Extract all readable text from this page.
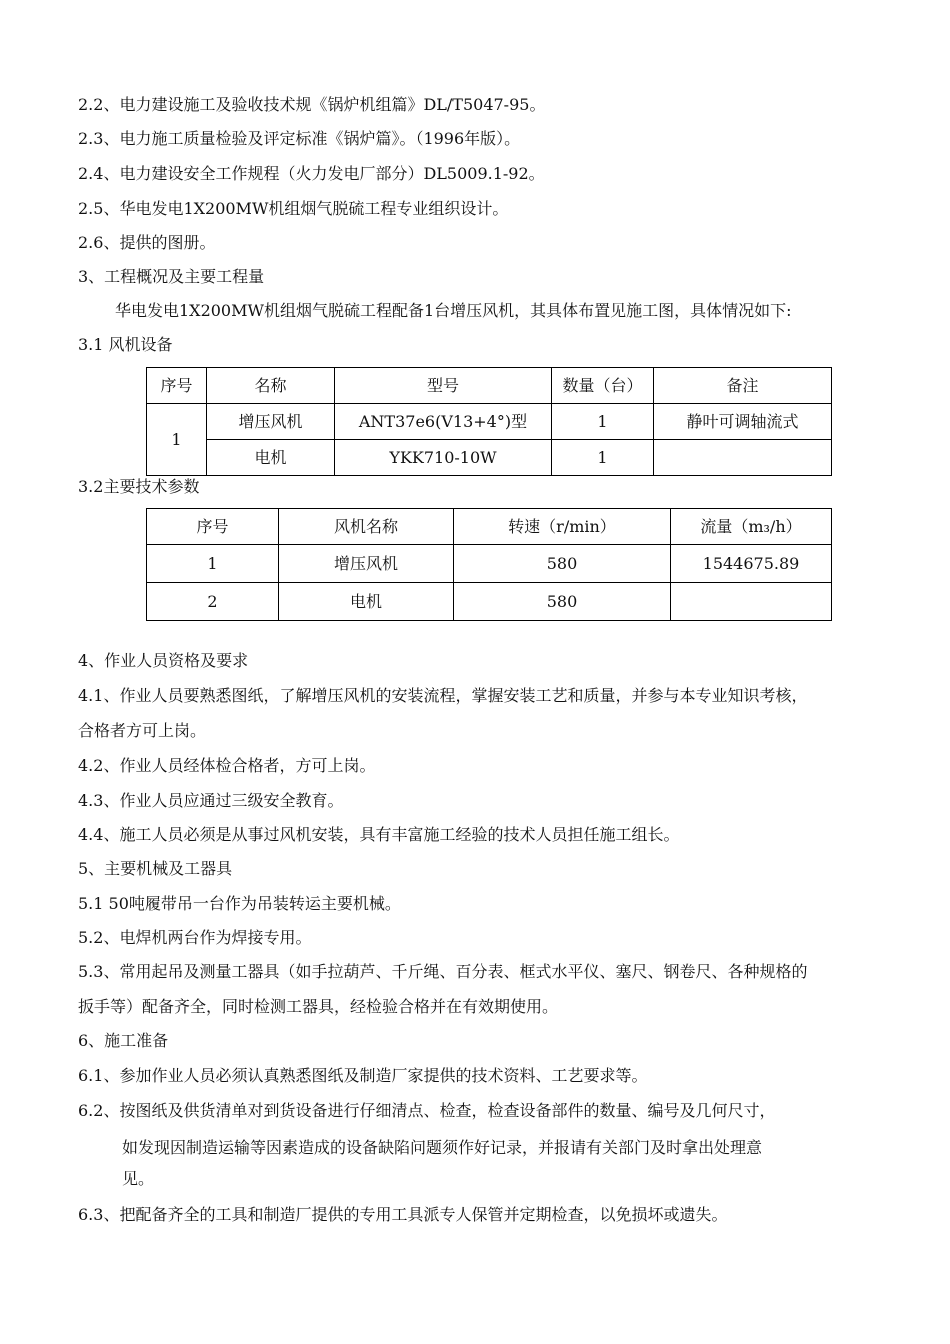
2.2、电力建设施工及验收技术规《锅炉机组篇》DL/T5047-95。
2.3、电力施工质量检验及评定标准《锅炉篇》。（1996年版）。
2.4、电力建设安全工作规程（火力发电厂部分）DL5009.1-92。
2.5、华电发电1X200MW机组烟气脱硫工程专业组织设计。
2.6、提供的图册。
3、工程概况及主要工程量
华电发电1X200MW机组烟气脱硫工程配备1台增压风机，其具体布置见施工图，具体情况如下:
3.1 风机设备
序号	名称	型号	数量（台）	备注
1	增压风机	ANT37e6(V13+4°)型	1	静叶可调轴流式
	电机	YKK710-10W	1	
3.2主要技术参数
序号	风机名称	转速（r/min）	流量（m₃/h）
1	增压风机	580	1544675.89
2	电机	580	
4、作业人员资格及要求
4.1、作业人员要熟悉图纸，了解增压风机的安装流程，掌握安装工艺和质量，并参与本专业知识考核，
合格者方可上岗。
4.2、作业人员经体检合格者，方可上岗。
4.3、作业人员应通过三级安全教育。
4.4、施工人员必须是从事过风机安装，具有丰富施工经验的技术人员担任施工组长。
5、主要机械及工器具
5.1 50吨履带吊一台作为吊装转运主要机械。
5.2、电焊机两台作为焊接专用。
5.3、常用起吊及测量工器具（如手拉葫芦、千斤绳、百分表、框式水平仪、塞尺、钢卷尺、各种规格的
扳手等）配备齐全，同时检测工器具，经检验合格并在有效期使用。
6、施工准备
6.1、参加作业人员必须认真熟悉图纸及制造厂家提供的技术资料、工艺要求等。
6.2、按图纸及供货清单对到货设备进行仔细清点、检查，检查设备部件的数量、编号及几何尺寸，
如发现因制造运输等因素造成的设备缺陷问题须作好记录，并报请有关部门及时拿出处理意
见。
6.3、把配备齐全的工具和制造厂提供的专用工具派专人保管并定期检查，以免损坏或遗失。
